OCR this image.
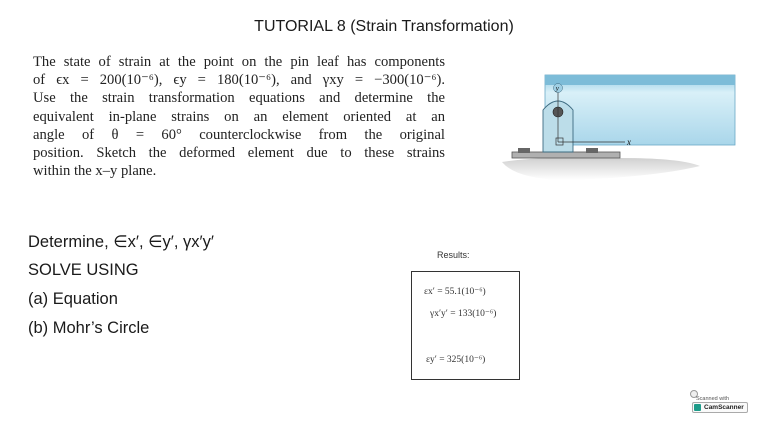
TUTORIAL 8 (Strain Transformation)
The state of strain at the point on the pin leaf has components
of ϵx = 200(10⁻⁶), ϵy = 180(10⁻⁶), and γxy = −300(10⁻⁶).
Use the strain transformation equations and determine the
equivalent in-plane strains on an element oriented at an
angle of θ = 60° counterclockwise from the original
position. Sketch the deformed element due to these strains
within the x–y plane.
y
x
Determine, ∈x′, ∈y′, γx′y′
SOLVE USING
(a) Equation
(b) Mohr’s Circle
Results:
εx′ = 55.1(10⁻⁶)
γx′y′ = 133(10⁻⁶)
εy′ = 325(10⁻⁶)
Scanned with
CamScanner
